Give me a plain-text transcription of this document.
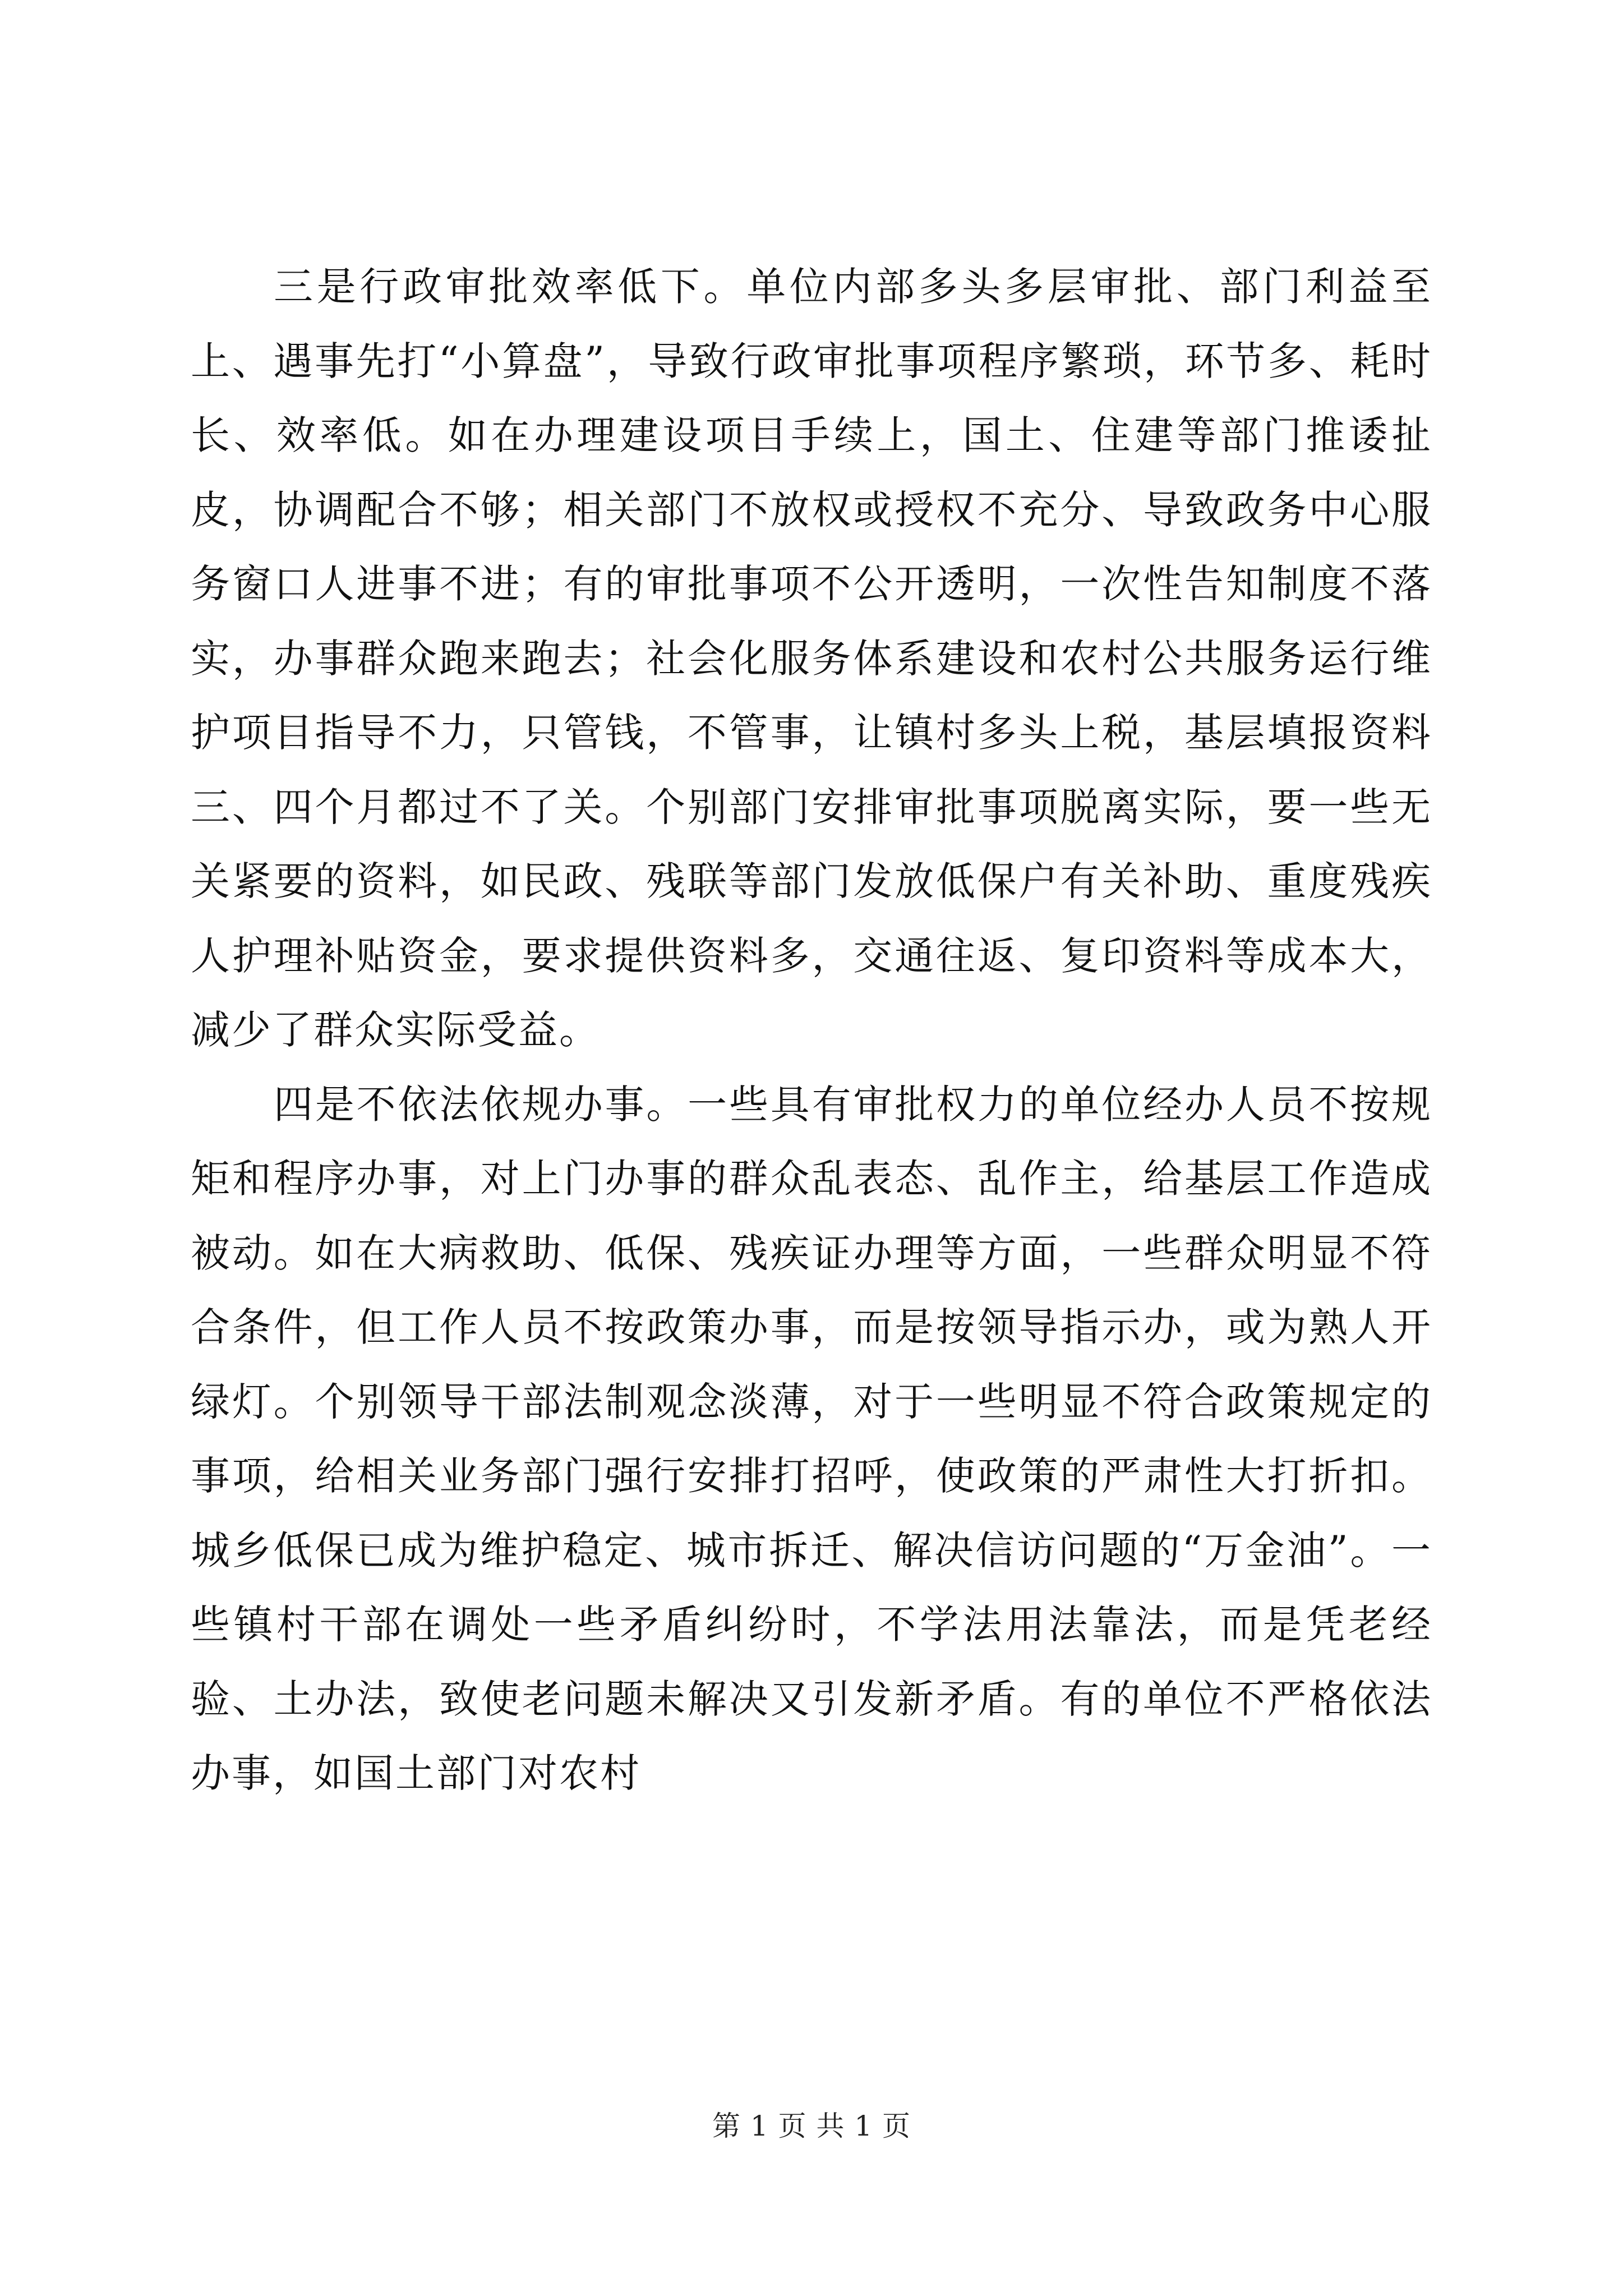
三是行政审批效率低下。单位内部多头多层审批、部门利益至上、遇事先打“小算盘”，导致行政审批事项程序繁琐，环节多、耗时长、效率低。如在办理建设项目手续上，国土、住建等部门推诿扯皮，协调配合不够；相关部门不放权或授权不充分、导致政务中心服务窗口人进事不进；有的审批事项不公开透明，一次性告知制度不落实，办事群众跑来跑去；社会化服务体系建设和农村公共服务运行维护项目指导不力，只管钱，不管事，让镇村多头上税，基层填报资料三、四个月都过不了关。个别部门安排审批事项脱离实际，要一些无关紧要的资料，如民政、残联等部门发放低保户有关补助、重度残疾人护理补贴资金，要求提供资料多，交通往返、复印资料等成本大，减少了群众实际受益。

四是不依法依规办事。一些具有审批权力的单位经办人员不按规矩和程序办事，对上门办事的群众乱表态、乱作主，给基层工作造成被动。如在大病救助、低保、残疾证办理等方面，一些群众明显不符合条件，但工作人员不按政策办事，而是按领导指示办，或为熟人开绿灯。个别领导干部法制观念淡薄，对于一些明显不符合政策规定的事项，给相关业务部门强行安排打招呼，使政策的严肃性大打折扣。城乡低保已成为维护稳定、城市拆迁、解决信访问题的“万金油”。一些镇村干部在调处一些矛盾纠纷时，不学法用法靠法，而是凭老经验、土办法，致使老问题未解决又引发新矛盾。有的单位不严格依法办事，如国土部门对农村

第 1 页 共 1 页
